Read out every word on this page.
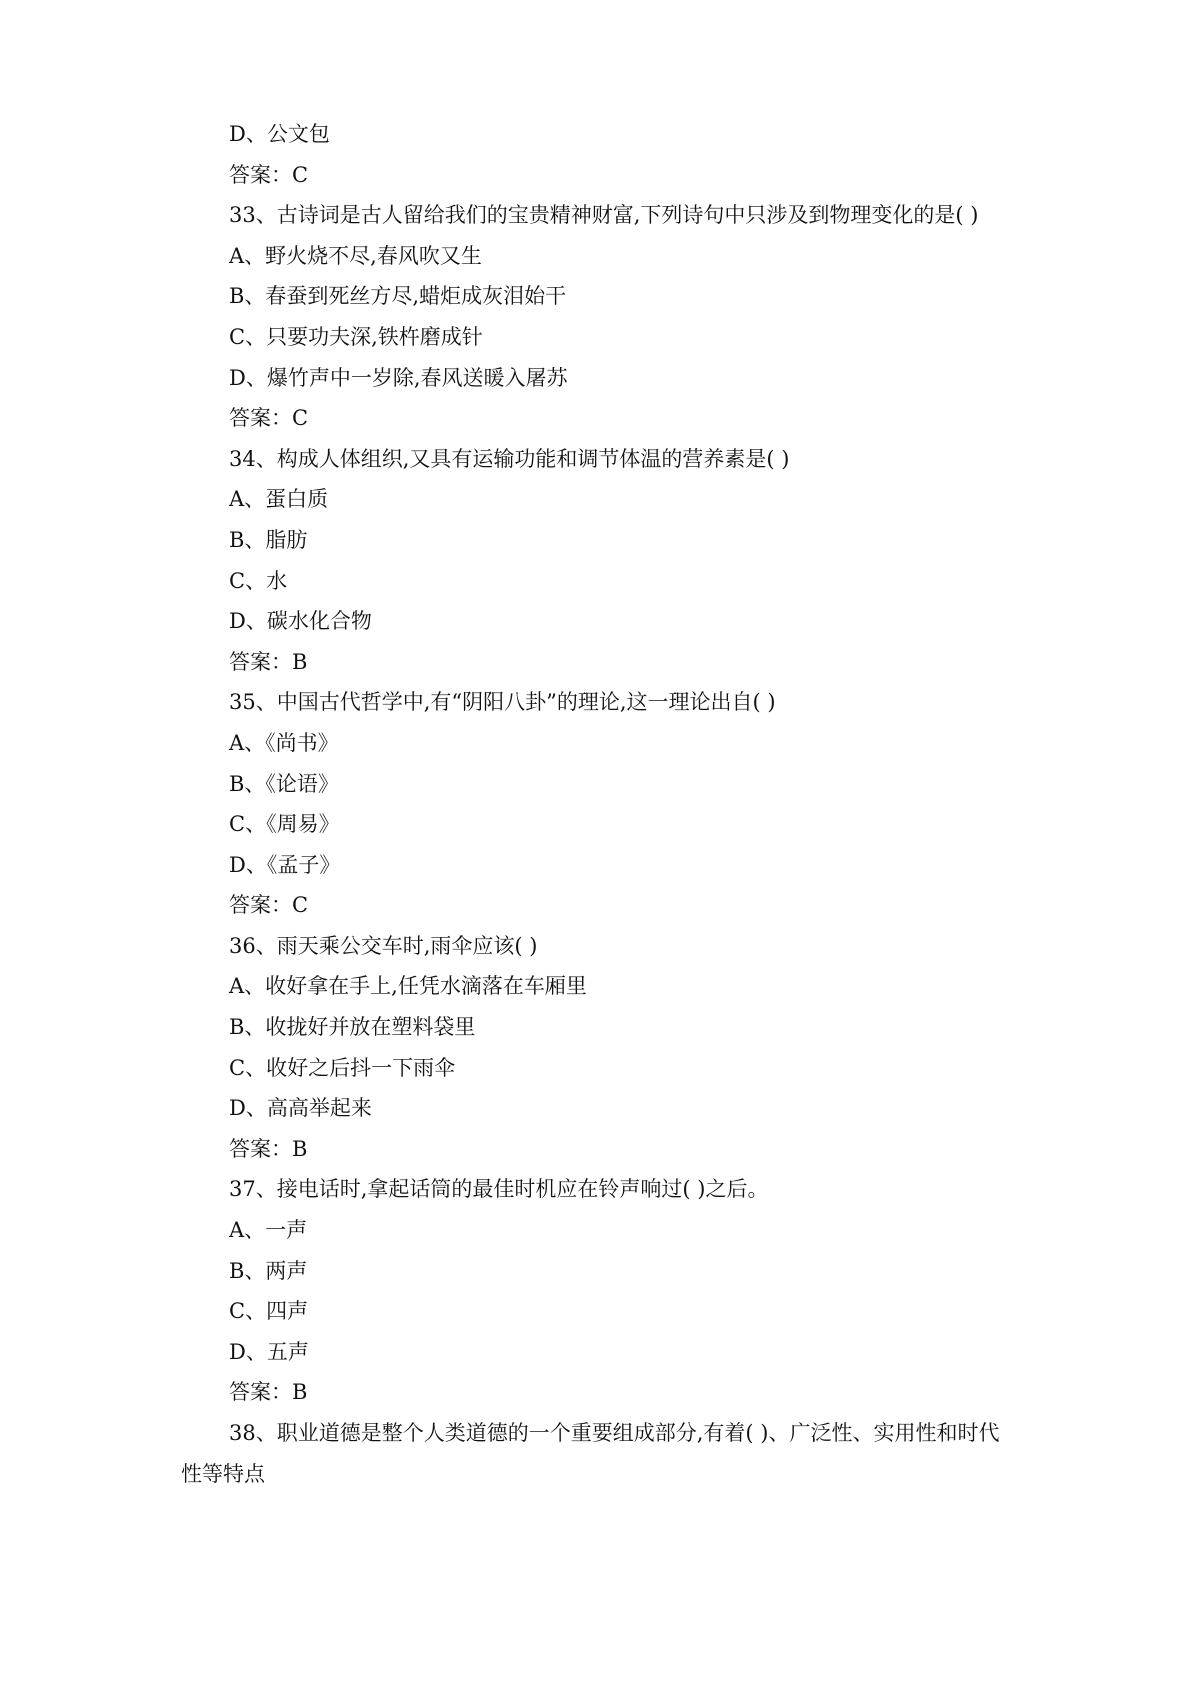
D、公文包
答案：C
33、古诗词是古人留给我们的宝贵精神财富,下列诗句中只涉及到物理变化的是( )
A、野火烧不尽,春风吹又生
B、春蚕到死丝方尽,蜡炬成灰泪始干
C、只要功夫深,铁杵磨成针
D、爆竹声中一岁除,春风送暖入屠苏
答案：C
34、构成人体组织,又具有运输功能和调节体温的营养素是( )
A、蛋白质
B、脂肪
C、水
D、碳水化合物
答案：B
35、中国古代哲学中,有“阴阳八卦”的理论,这一理论出自( )
A、《尚书》
B、《论语》
C、《周易》
D、《孟子》
答案：C
36、雨天乘公交车时,雨伞应该( )
A、收好拿在手上,任凭水滴落在车厢里
B、收拢好并放在塑料袋里
C、收好之后抖一下雨伞
D、高高举起来
答案：B
37、接电话时,拿起话筒的最佳时机应在铃声响过( )之后。
A、一声
B、两声
C、四声
D、五声
答案：B
38、职业道德是整个人类道德的一个重要组成部分,有着( )、广泛性、实用性和时代性等特点
